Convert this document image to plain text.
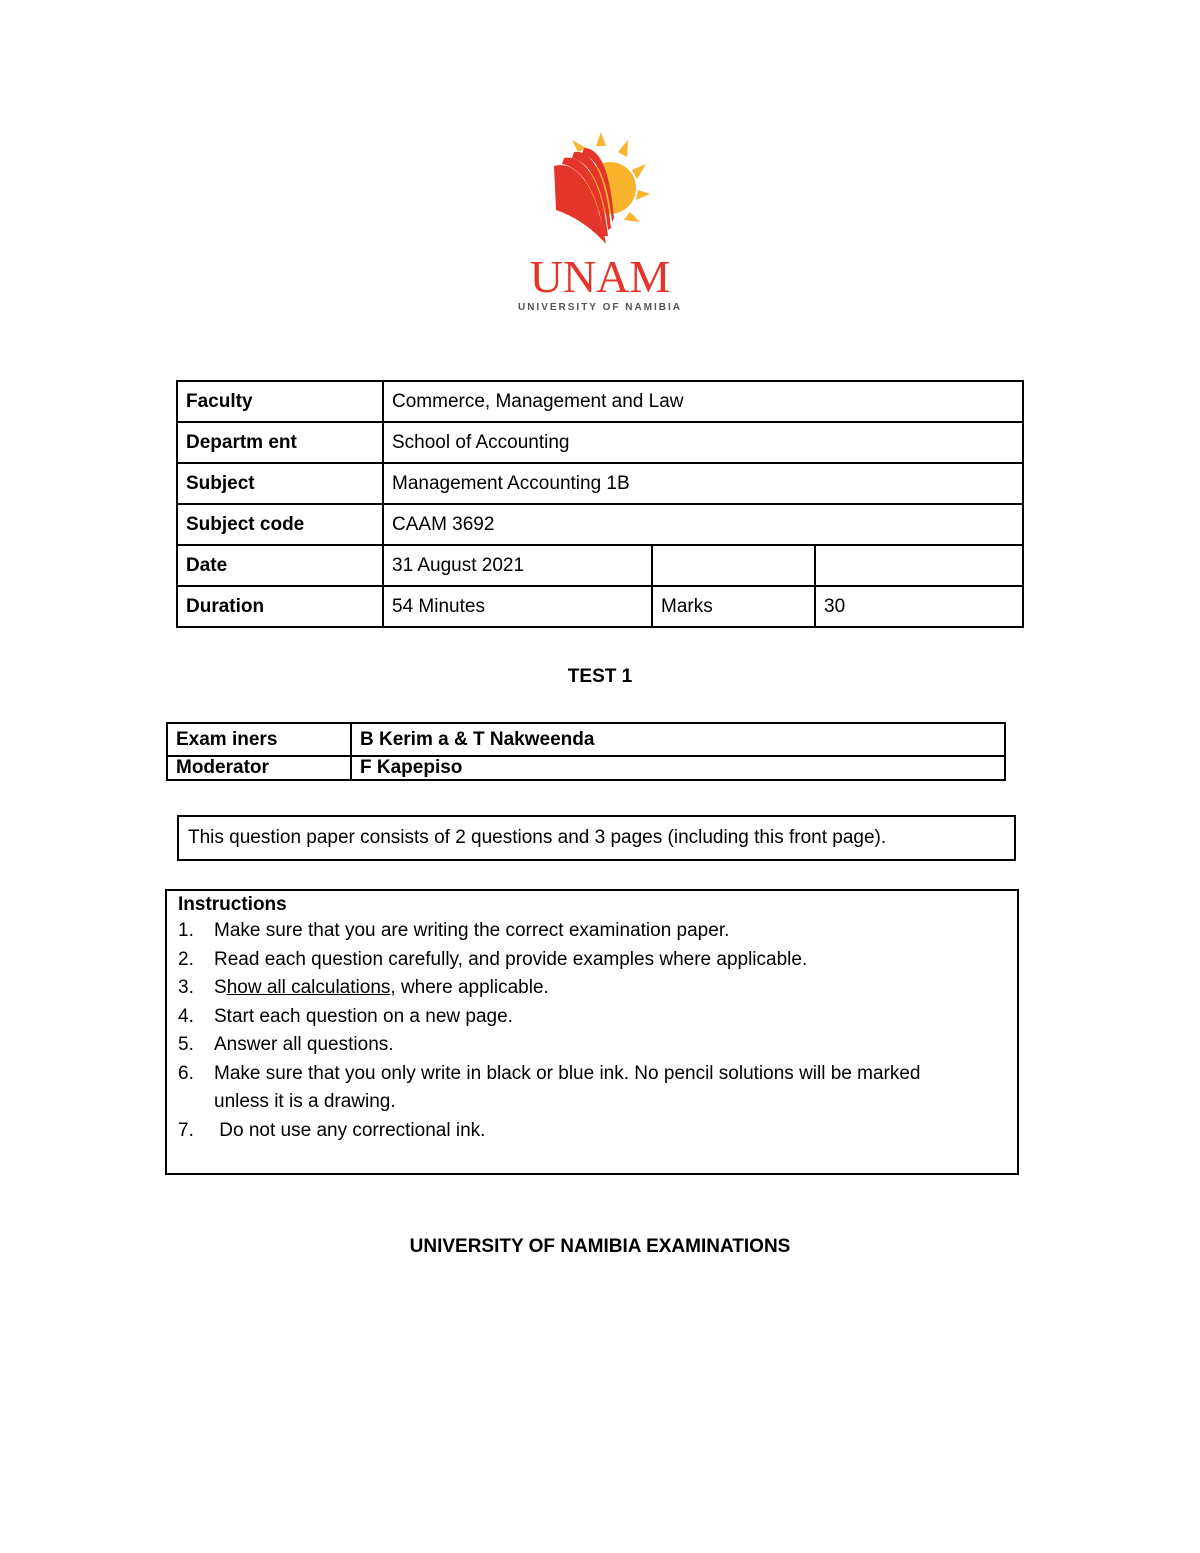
UNAM
UNIVERSITY OF NAMIBIA
Faculty	Commerce, Management and Law		
Departm ent	School of Accounting		
Subject	Management Accounting 1B		
Subject code	CAAM 3692		
Date	31 August 2021		
Duration	54 Minutes	Marks	30
TEST 1
Exam iners	B Kerim a & T Nakweenda
Moderator	F Kapepiso
This question paper consists of 2 questions and 3 pages (including this front page).
Instructions
1.	Make sure that you are writing the correct examination paper.
2.	Read each question carefully, and provide examples where applicable.
3.	Show all calculations, where applicable.
4.	Start each question on a new page.
5.	Answer all questions.
6.	Make sure that you only write in black or blue ink. No pencil solutions will be marked unless it is a drawing.
7.	Do not use any correctional ink.
UNIVERSITY OF NAMIBIA EXAMINATIONS
